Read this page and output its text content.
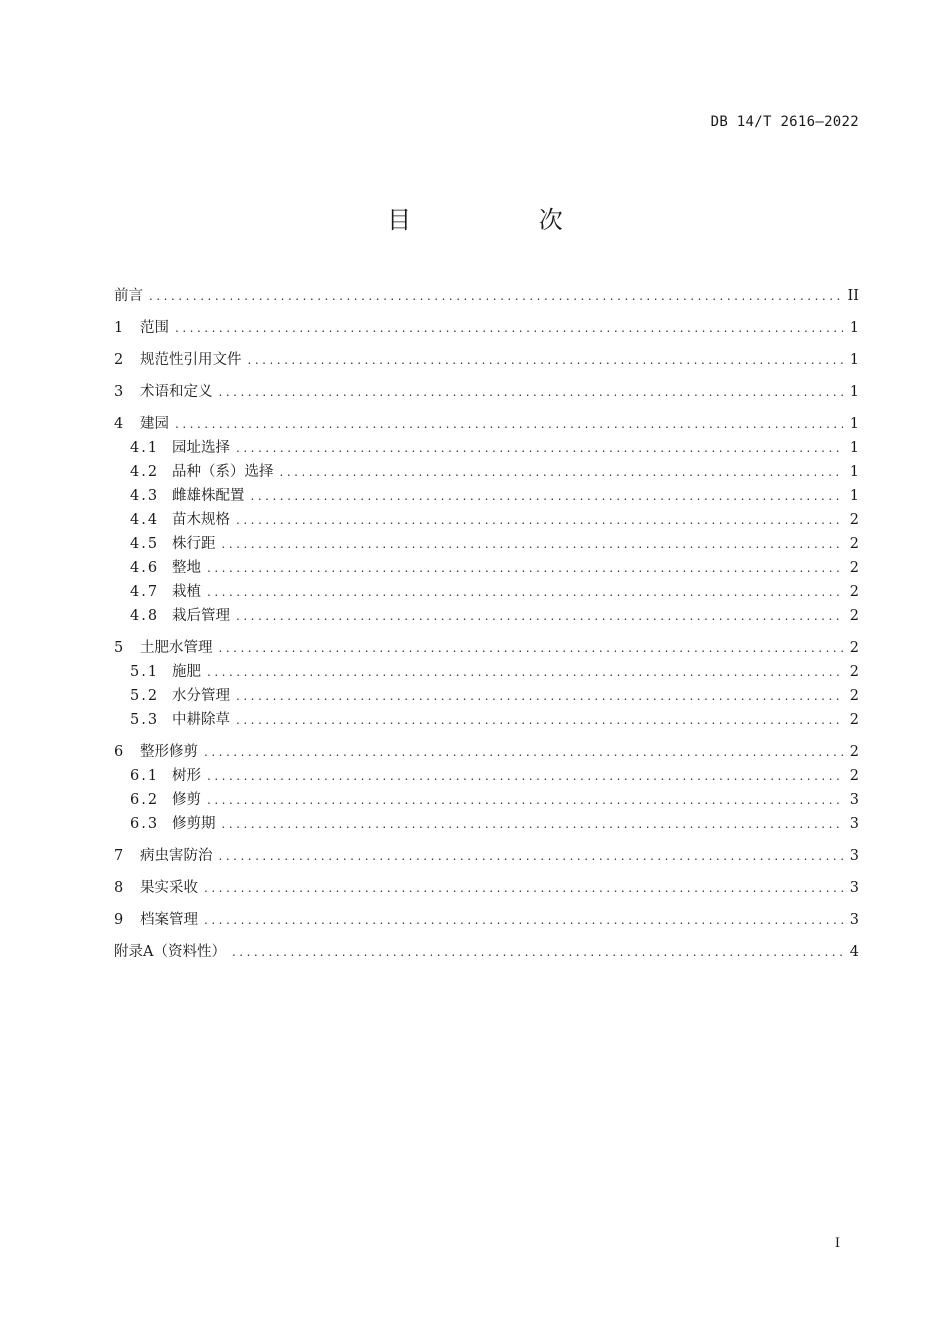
DB 14/T 2616—2022
目 次
前言 .....	II
1	范围 .....	1
2	规范性引用文件 .....	1
3	术语和定义 .....	1
4	建园 .....	1
4.1 园址选择 .....	1
4.2 品种（系）选择 .....	1
4.3 雌雄株配置 .....	1
4.4 苗木规格 .....	2
4.5 株行距 .....	2
4.6 整地 .....	2
4.7 栽植 .....	2
4.8 栽后管理 .....	2
5	土肥水管理 .....	2
5.1 施肥 .....	2
5.2 水分管理 .....	2
5.3 中耕除草 .....	2
6	整形修剪 .....	2
6.1 树形 .....	2
6.2 修剪 .....	3
6.3 修剪期 .....	3
7	病虫害防治 .....	3
8	果实采收 .....	3
9	档案管理 .....	3
附录A（资料性） .....	4
I
